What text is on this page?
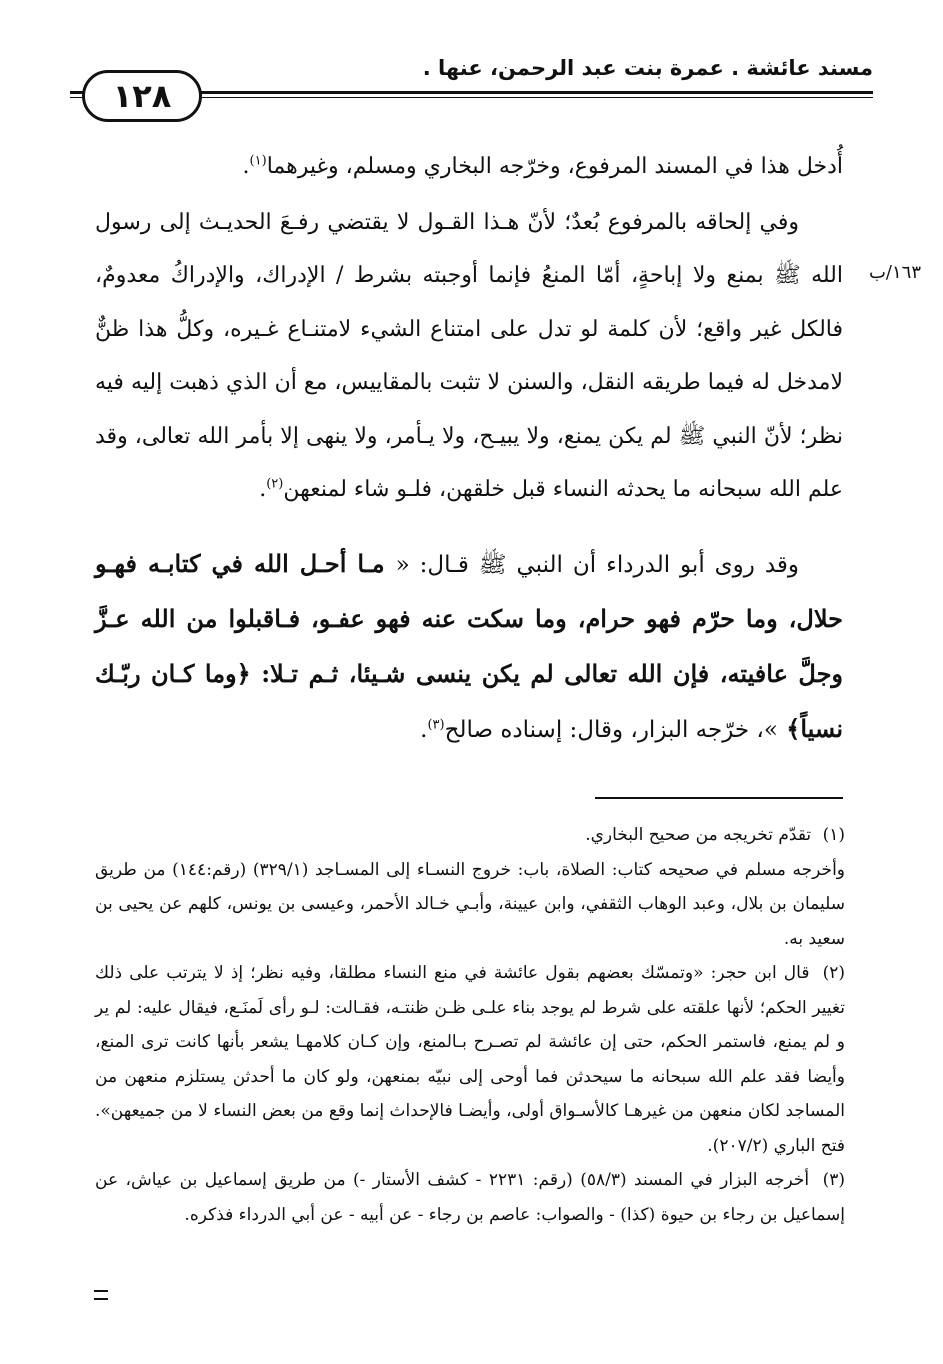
مسند عائشة . عمرة بنت عبد الرحمن، عنها .
١٢٨
١٦٣/ب

أُدخل هذا في المسند المرفوع، وخرّجه البخاري ومسلم، وغيرهما$^{(١)}$.

وفي إلحاقه بالمرفوع بُعدٌ؛ لأنّ هـذا القـول لا يقتضي رفـعَ الحديـث إلى رسول الله ﷺ بمنع ولا إباحةٍ، أمّا المنعُ فإنما أوجبته بشرط / الإدراك، والإدراكُ معدومٌ، فالكل غير واقع؛ لأن كلمة لو تدل على امتناع الشيء لامتنـاع غـيره، وكلُّ هذا ظنٌّ لامدخل له فيما طريقه النقل، والسنن لا تثبت بالمقاييس، مع أن الذي ذهبت إليه فيه نظر؛ لأنّ النبي ﷺ لم يكن يمنع، ولا يبيـح، ولا يـأمر، ولا ينهى إلا بأمر الله تعالى، وقد علم الله سبحانه ما يحدثه النساء قبل خلقهن، فلـو شاء لمنعهن$^{(٢)}$.

وقد روى أبو الدرداء أن النبي ﷺ قـال: « مـا أحـل الله في كتابـه فهـو حلال، وما حرّم فهو حرام، وما سكت عنه فهو عفـو، فـاقبلوا من الله عـزَّ وجلَّ عافيته، فإن الله تعالى لم يكن ينسى شـيئا، ثـم تـلا: ﴿وما كـان ربّـك نسياً﴾ »، خرّجه البزار، وقال: إسناده صالح$^{(٣)}$.

(١) تقدّم تخريجه من صحيح البخاري.

وأخرجه مسلم في صحيحه كتاب: الصلاة، باب: خروج النسـاء إلى المسـاجد (٣٢٩/١) (رقم:١٤٤) من طريق سليمان بن بلال، وعبد الوهاب الثقفي، وابن عيينة، وأبـي خـالد الأحمر، وعيسى بن يونس، كلهم عن يحيى بن سعيد به.

(٢) قال ابن حجر: «وتمسّك بعضهم بقول عائشة في منع النساء مطلقا، وفيه نظر؛ إذ لا يترتب على ذلك تغيير الحكم؛ لأنها علقته على شرط لم يوجد بناء علـى ظـن ظنتـه، فقـالت: لـو رأى لَمنَـع، فيقال عليه: لم ير و لم يمنع، فاستمر الحكم، حتى إن عائشة لم تصـرح بـالمنع، وإن كـان كلامهـا يشعر بأنها كانت ترى المنع، وأيضا فقد علم الله سبحانه ما سيحدثن فما أوحى إلى نبيّه بمنعهن، ولو كان ما أحدثن يستلزم منعهن من المساجد لكان منعهن من غيرهـا كالأسـواق أولى، وأيضـا فالإحداث إنما وقع من بعض النساء لا من جميعهن». فتح الباري (٢٠٧/٢).

(٣) أخرجه البزار في المسند (٥٨/٣) (رقم: ٢٢٣١ - كشف الأستار -) من طريق إسماعيل بن عياش، عن إسماعيل بن رجاء بن حيوة (كذا) - والصواب: عاصم بن رجاء - عن أبيه - عن أبي الدرداء فذكره.
